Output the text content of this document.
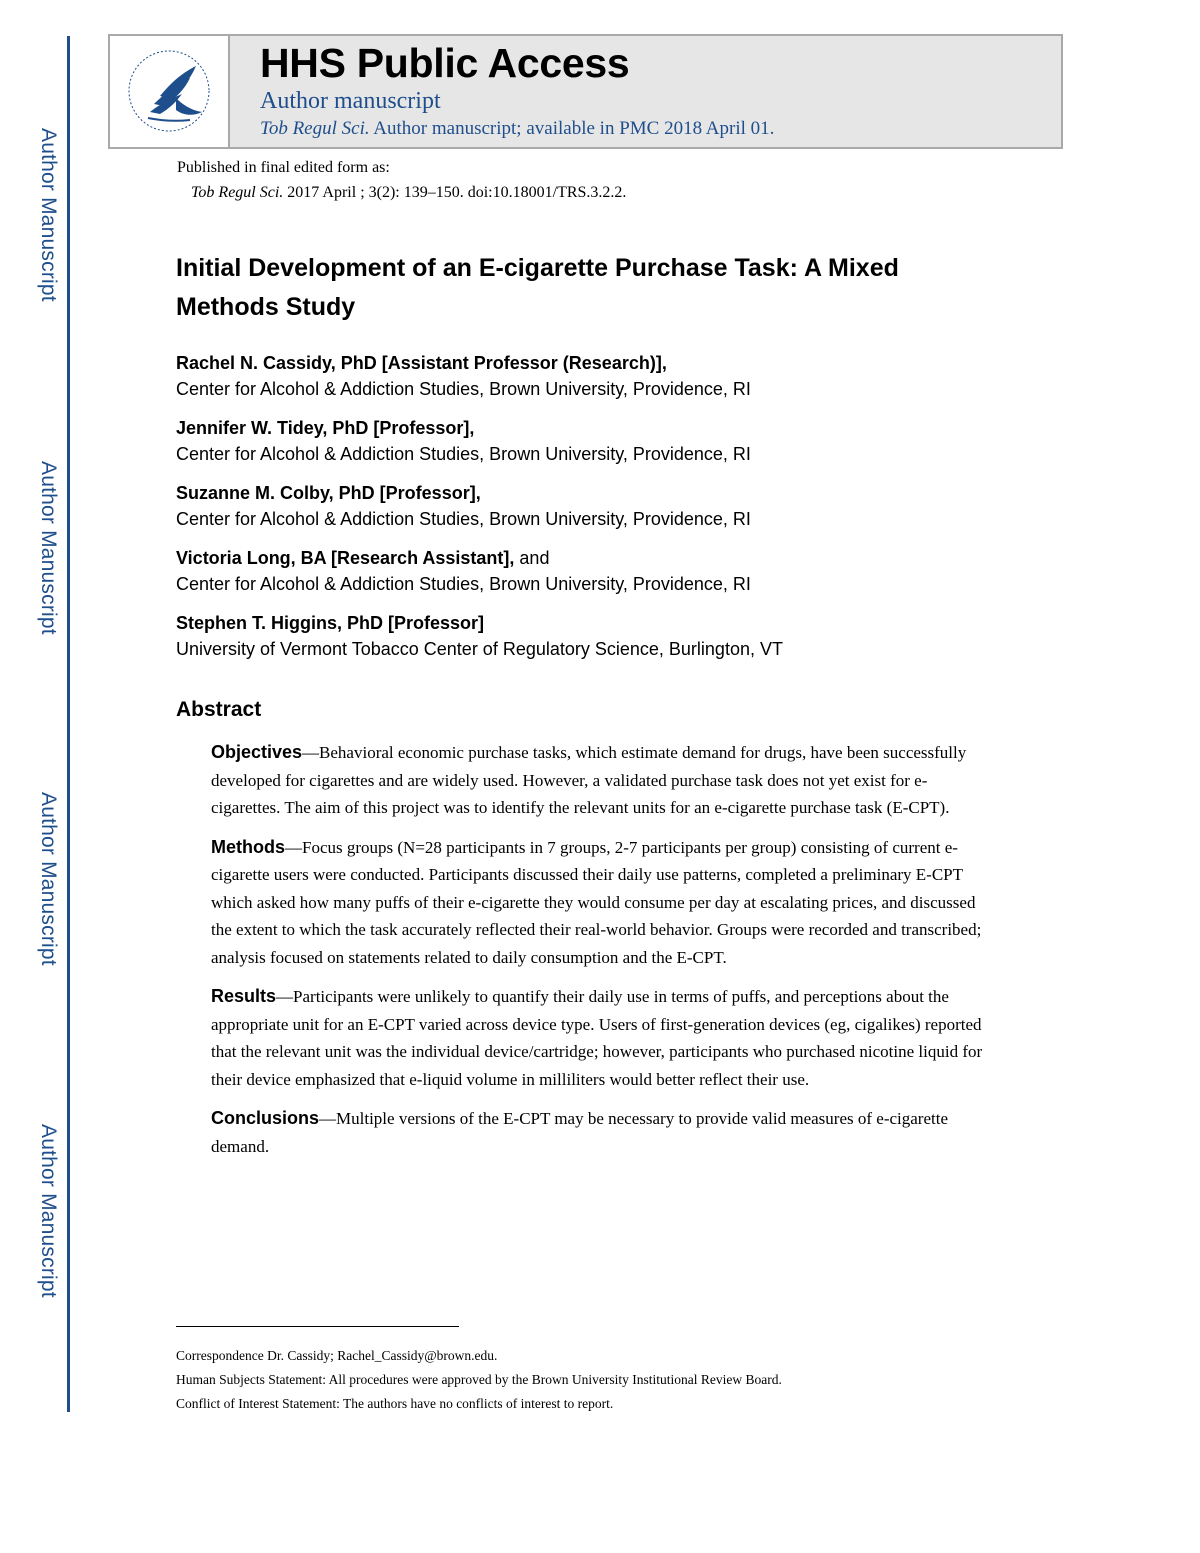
Author Manuscript
Author Manuscript
Author Manuscript
Author Manuscript
HHS Public Access
Author manuscript
Tob Regul Sci. Author manuscript; available in PMC 2018 April 01.
Published in final edited form as:
Tob Regul Sci. 2017 April ; 3(2): 139–150. doi:10.18001/TRS.3.2.2.
Initial Development of an E-cigarette Purchase Task: A Mixed Methods Study
Rachel N. Cassidy, PhD [Assistant Professor (Research)],
Center for Alcohol & Addiction Studies, Brown University, Providence, RI
Jennifer W. Tidey, PhD [Professor],
Center for Alcohol & Addiction Studies, Brown University, Providence, RI
Suzanne M. Colby, PhD [Professor],
Center for Alcohol & Addiction Studies, Brown University, Providence, RI
Victoria Long, BA [Research Assistant], and
Center for Alcohol & Addiction Studies, Brown University, Providence, RI
Stephen T. Higgins, PhD [Professor]
University of Vermont Tobacco Center of Regulatory Science, Burlington, VT
Abstract

Objectives—Behavioral economic purchase tasks, which estimate demand for drugs, have been successfully developed for cigarettes and are widely used. However, a validated purchase task does not yet exist for e-cigarettes. The aim of this project was to identify the relevant units for an e-cigarette purchase task (E-CPT).

Methods—Focus groups (N=28 participants in 7 groups, 2-7 participants per group) consisting of current e-cigarette users were conducted. Participants discussed their daily use patterns, completed a preliminary E-CPT which asked how many puffs of their e-cigarette they would consume per day at escalating prices, and discussed the extent to which the task accurately reflected their real-world behavior. Groups were recorded and transcribed; analysis focused on statements related to daily consumption and the E-CPT.

Results—Participants were unlikely to quantify their daily use in terms of puffs, and perceptions about the appropriate unit for an E-CPT varied across device type. Users of first-generation devices (eg, cigalikes) reported that the relevant unit was the individual device/cartridge; however, participants who purchased nicotine liquid for their device emphasized that e-liquid volume in milliliters would better reflect their use.

Conclusions—Multiple versions of the E-CPT may be necessary to provide valid measures of e-cigarette demand.

Correspondence Dr. Cassidy; Rachel_Cassidy@brown.edu.
Human Subjects Statement: All procedures were approved by the Brown University Institutional Review Board.
Conflict of Interest Statement: The authors have no conflicts of interest to report.
